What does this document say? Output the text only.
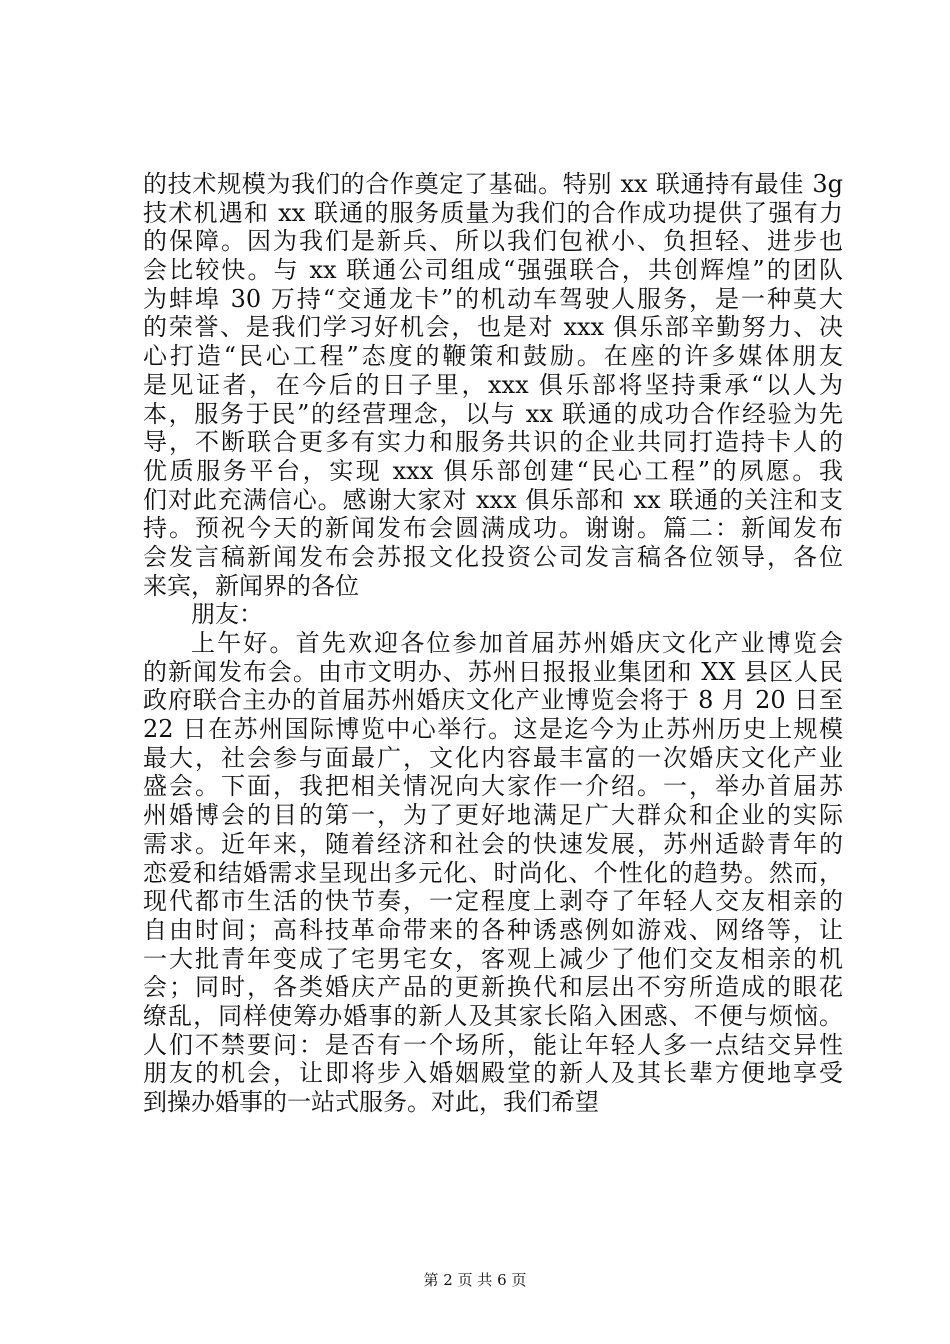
的技术规模为我们的合作奠定了基础。特别 xx 联通持有最佳 3g
技术机遇和 xx 联通的服务质量为我们的合作成功提供了强有力
的保障。因为我们是新兵、所以我们包袱小、负担轻、进步也
会比较快。与 xx 联通公司组成“强强联合，共创辉煌”的团队
为蚌埠 30 万持“交通龙卡”的机动车驾驶人服务，是一种莫大
的荣誉、是我们学习好机会，也是对 xxx 俱乐部辛勤努力、决
心打造“民心工程”态度的鞭策和鼓励。在座的许多媒体朋友
是见证者，在今后的日子里，xxx 俱乐部将坚持秉承“以人为
本，服务于民”的经营理念，以与 xx 联通的成功合作经验为先
导，不断联合更多有实力和服务共识的企业共同打造持卡人的
优质服务平台，实现 xxx 俱乐部创建“民心工程”的夙愿。我
们对此充满信心。感谢大家对 xxx 俱乐部和 xx 联通的关注和支
持。预祝今天的新闻发布会圆满成功。谢谢。篇二：新闻发布
会发言稿新闻发布会苏报文化投资公司发言稿各位领导，各位
来宾，新闻界的各位
朋友：
上午好。首先欢迎各位参加首届苏州婚庆文化产业博览会
的新闻发布会。由市文明办、苏州日报报业集团和 XX 县区人民
政府联合主办的首届苏州婚庆文化产业博览会将于 8 月 20 日至
22 日在苏州国际博览中心举行。这是迄今为止苏州历史上规模
最大，社会参与面最广，文化内容最丰富的一次婚庆文化产业
盛会。下面，我把相关情况向大家作一介绍。一，举办首届苏
州婚博会的目的第一，为了更好地满足广大群众和企业的实际
需求。近年来，随着经济和社会的快速发展，苏州适龄青年的
恋爱和结婚需求呈现出多元化、时尚化、个性化的趋势。然而，
现代都市生活的快节奏，一定程度上剥夺了年轻人交友相亲的
自由时间；高科技革命带来的各种诱惑例如游戏、网络等，让
一大批青年变成了宅男宅女，客观上减少了他们交友相亲的机
会；同时，各类婚庆产品的更新换代和层出不穷所造成的眼花
缭乱，同样使筹办婚事的新人及其家长陷入困惑、不便与烦恼。
人们不禁要问：是否有一个场所，能让年轻人多一点结交异性
朋友的机会，让即将步入婚姻殿堂的新人及其长辈方便地享受
到操办婚事的一站式服务。对此，我们希望
第 2 页 共 6 页
